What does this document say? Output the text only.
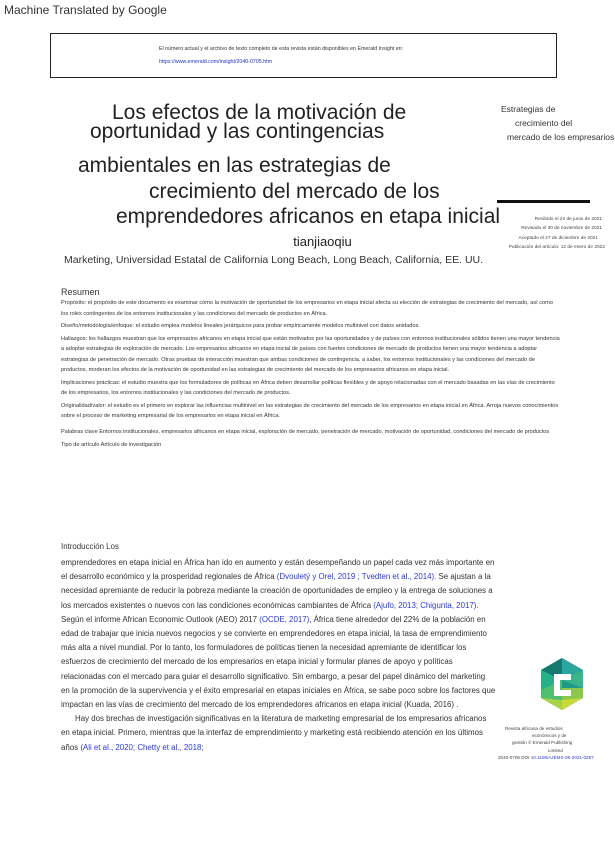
Machine Translated by Google
El número actual y el archivo de texto completo de esta revista están disponibles en Emerald Insight en:
https://www.emerald.com/insight/2040-0705.htm
Los efectos de la motivación de
oportunidad y las contingencias
ambientales en las estrategias de
crecimiento del mercado de los
emprendedores africanos en etapa inicial
Estrategias de
crecimiento del
mercado de los empresarios
Recibido el 24 de junio de 2021
Revisado el 30 de noviembre de 2021
Aceptado el 27 de diciembre de 2021
Publicación del artículo: 12 de enero de 2022
tianjiaoqiu
Marketing, Universidad Estatal de California Long Beach, Long Beach, California, EE. UU.
Resumen

Propósito: el propósito de este documento es examinar cómo la motivación de oportunidad de los empresarios en etapa inicial afecta su elección de estrategias de crecimiento del mercado, así como los roles contingentes de los entornos institucionales y las condiciones del mercado de productos en África.

Diseño/metodología/enfoque: el estudio emplea modelos lineales jerárquicos para probar empíricamente modelos multinivel con datos anidados.

Hallazgos: los hallazgos muestran que los empresarios africanos en etapa inicial que están motivados por las oportunidades y de países con entornos institucionales sólidos tienen una mayor tendencia a adoptar estrategias de exploración de mercado. Los empresarios africanos en etapa inicial de países con fuertes condiciones de mercado de productos tienen una mayor tendencia a adoptar estrategias de penetración de mercado. Otras pruebas de interacción muestran que ambas condiciones de contingencia, a saber, los entornos institucionales y las condiciones del mercado de productos, moderan los efectos de la motivación de oportunidad en las estrategias de crecimiento del mercado de los empresarios africanos en etapa inicial.

Implicaciones prácticas: el estudio muestra que los formuladores de políticas en África deben desarrollar políticas flexibles y de apoyo relacionadas con el mercado basadas en las vías de crecimiento de los empresarios, los entornos institucionales y las condiciones del mercado de productos.

Originalidad/valor: el estudio es el primero en explorar las influencias multinivel en las estrategias de crecimiento del mercado de los empresarios en etapa inicial en África. Arroja nuevos conocimientos sobre el proceso de marketing empresarial de los empresarios en etapa inicial en África.

Palabras clave Entornos institucionales, empresarios africanos en etapa inicial, exploración de mercado, penetración de mercado, motivación de oportunidad, condiciones del mercado de productos Tipo de artículo Artículo de investigación

Introducción Los

emprendedores en etapa inicial en África han ido en aumento y están desempeñando un papel cada vez más importante en el desarrollo económico y la prosperidad regionales de África (Dvouletý y Orel, 2019 ; Tvedten et al., 2014). Se ajustan a la necesidad apremiante de reducir la pobreza mediante la creación de oportunidades de empleo y la entrega de soluciones a los mercados existentes o nuevos con las condiciones económicas cambiantes de África (Ajufo, 2013; Chigunta, 2017). Según el informe African Economic Outlook (AEO) 2017 (OCDE, 2017), África tiene alrededor del 22% de la población en edad de trabajar que inicia nuevos negocios y se convierte en emprendedores en etapa inicial, la tasa de emprendimiento más alta a nivel mundial. Por lo tanto, los formuladores de políticas tienen la necesidad apremiante de identificar los esfuerzos de crecimiento del mercado de los empresarios en etapa inicial y formular planes de apoyo y políticas relacionadas con el mercado para guiar el desarrollo significativo. Sin embargo, a pesar del papel dinámico del marketing en la promoción de la supervivencia y el éxito empresarial en etapas iniciales en África, se sabe poco sobre los factores que impactan en las vías de crecimiento del mercado de los emprendedores africanos en etapa inicial (Kuada, 2016) .

Hay dos brechas de investigación significativas en la literatura de marketing empresarial de los empresarios africanos en etapa inicial. Primero, mientras que la interfaz de emprendimiento y marketing está recibiendo atención en los últimos años (Ali et al., 2020; Chetty et al., 2018;

Revista africana de estudios
económicos y de
gestión © Emerald Publishing
Limited
2040-0705 DOI 10.1108/AJEMS-06-2021-0297
